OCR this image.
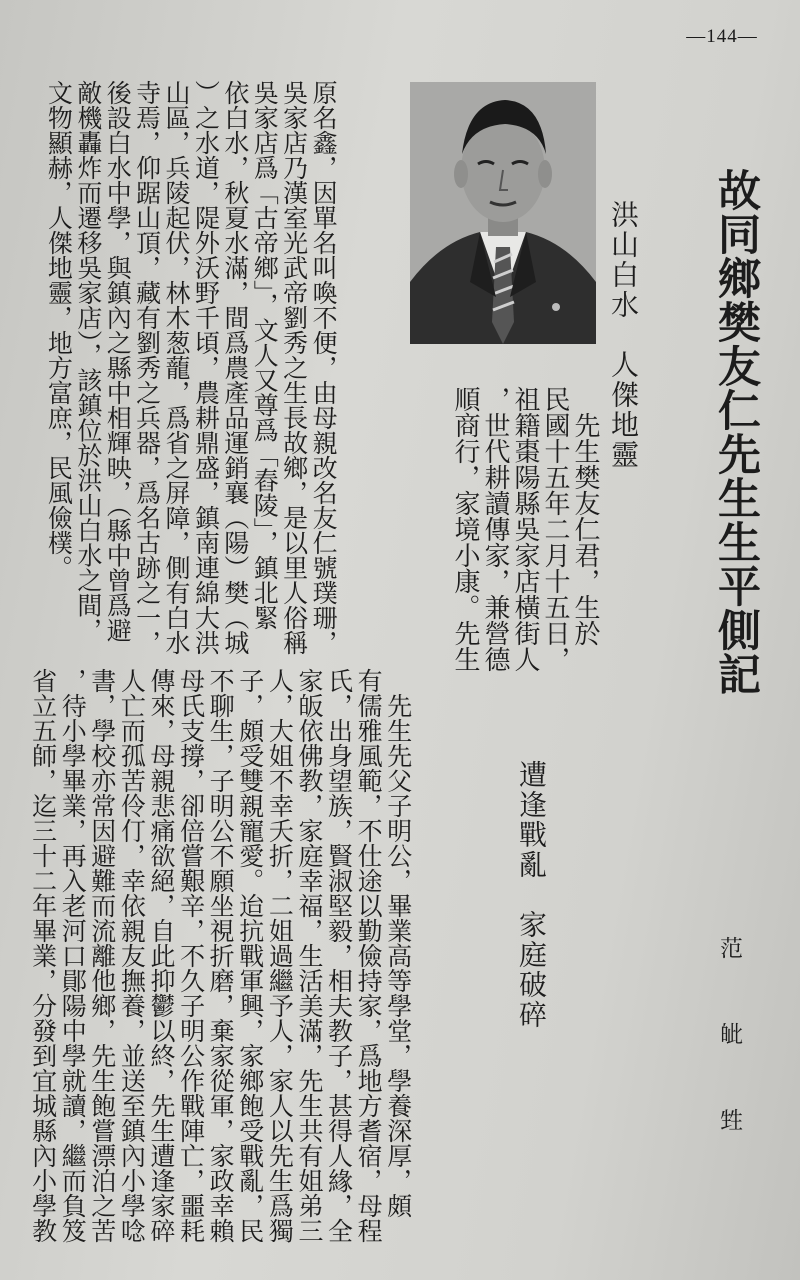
—144—
故同鄉樊友仁先生生平側記
范　皉　甡
洪山白水　人傑地靈
　先生樊友仁君，生於
民國十五年二月十五日，
祖籍棗陽縣吳家店橫街人
，世代耕讀傳家，兼營德
順商行，家境小康。先生
原名鑫，因單名叫喚不便，由母親改名友仁號璞珊，
吳家店乃漢室光武帝劉秀之生長故鄉，是以里人俗稱
吳家店爲「古帝鄉」，文人又尊爲「舂陵」，鎮北緊
依白水，秋夏水滿，間爲農產品運銷襄（陽）樊（城
）之水道，隄外沃野千頃，農耕鼎盛，鎮南連綿大洪
山區，兵陵起伏，林木葱蘢，爲省之屏障，側有白水
寺焉，仰踞山頂，藏有劉秀之兵器，爲名古跡之一，
後設白水中學，與鎮內之縣中相輝映，（縣中曾爲避
敵機轟炸而遷移吳家店），該鎮位於洪山白水之間，
文物顯赫，人傑地靈，地方富庶，民風儉樸。
遭逢戰亂　家庭破碎
　先生先父子明公，畢業高等學堂，學養深厚，頗
有儒雅風範，不仕途以勤儉持家，爲地方耆宿，母程
氏，出身望族，賢淑堅毅，相夫教子，甚得人緣，全
家皈依佛教，家庭幸福，生活美滿，先生共有姐弟三
人，大姐不幸夭折，二姐過繼予人，家人以先生爲獨
子，頗受雙親寵愛。迨抗戰軍興，家鄉飽受戰亂，民
不聊生，子明公不願坐視折磨，棄家從軍，家政幸賴
母氏支撐，卻倍嘗艱辛，不久子明公作戰陣亡，噩耗
傳來，母親悲痛欲絕，自此抑鬱以終，先生遭逢家碎
人亡而孤苦伶仃，幸依親友撫養，並送至鎮內小學唸
書，學校亦常因避難而流離他鄉，先生飽嘗漂泊之苦
，待小學畢業，再入老河口鄖陽中學就讀，繼而負笈
省立五師，迄三十二年畢業，分發到宜城縣內小學教
